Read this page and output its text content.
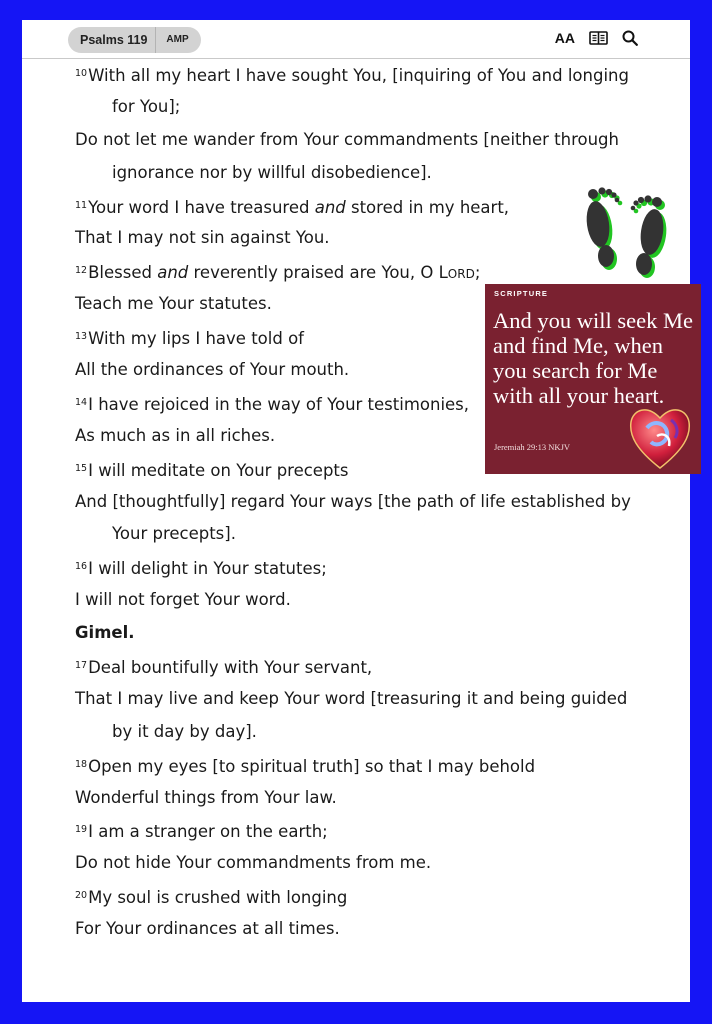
Psalms 119	AMP	AA
$^{10}$With all my heart I have sought You, [inquiring of You and longing
for You];
Do not let me wander from Your commandments [neither through
ignorance nor by willful disobedience].
$^{11}$Your word I have treasured and stored in my heart,
That I may not sin against You.
$^{12}$Blessed and reverently praised are You, O LORD;
Teach me Your statutes.
$^{13}$With my lips I have told of
All the ordinances of Your mouth.
$^{14}$I have rejoiced in the way of Your testimonies,
As much as in all riches.
$^{15}$I will meditate on Your precepts
And [thoughtfully] regard Your ways [the path of life established by
Your precepts].
$^{16}$I will delight in Your statutes;
I will not forget Your word.
Gimel.
$^{17}$Deal bountifully with Your servant,
That I may live and keep Your word [treasuring it and being guided
by it day by day].
$^{18}$Open my eyes [to spiritual truth] so that I may behold
Wonderful things from Your law.
$^{19}$I am a stranger on the earth;
Do not hide Your commandments from me.
$^{20}$My soul is crushed with longing
For Your ordinances at all times.
SCRIPTURE
And you will seek Me and find Me, when you search for Me with all your heart.
Jeremiah 29:13 NKJV
